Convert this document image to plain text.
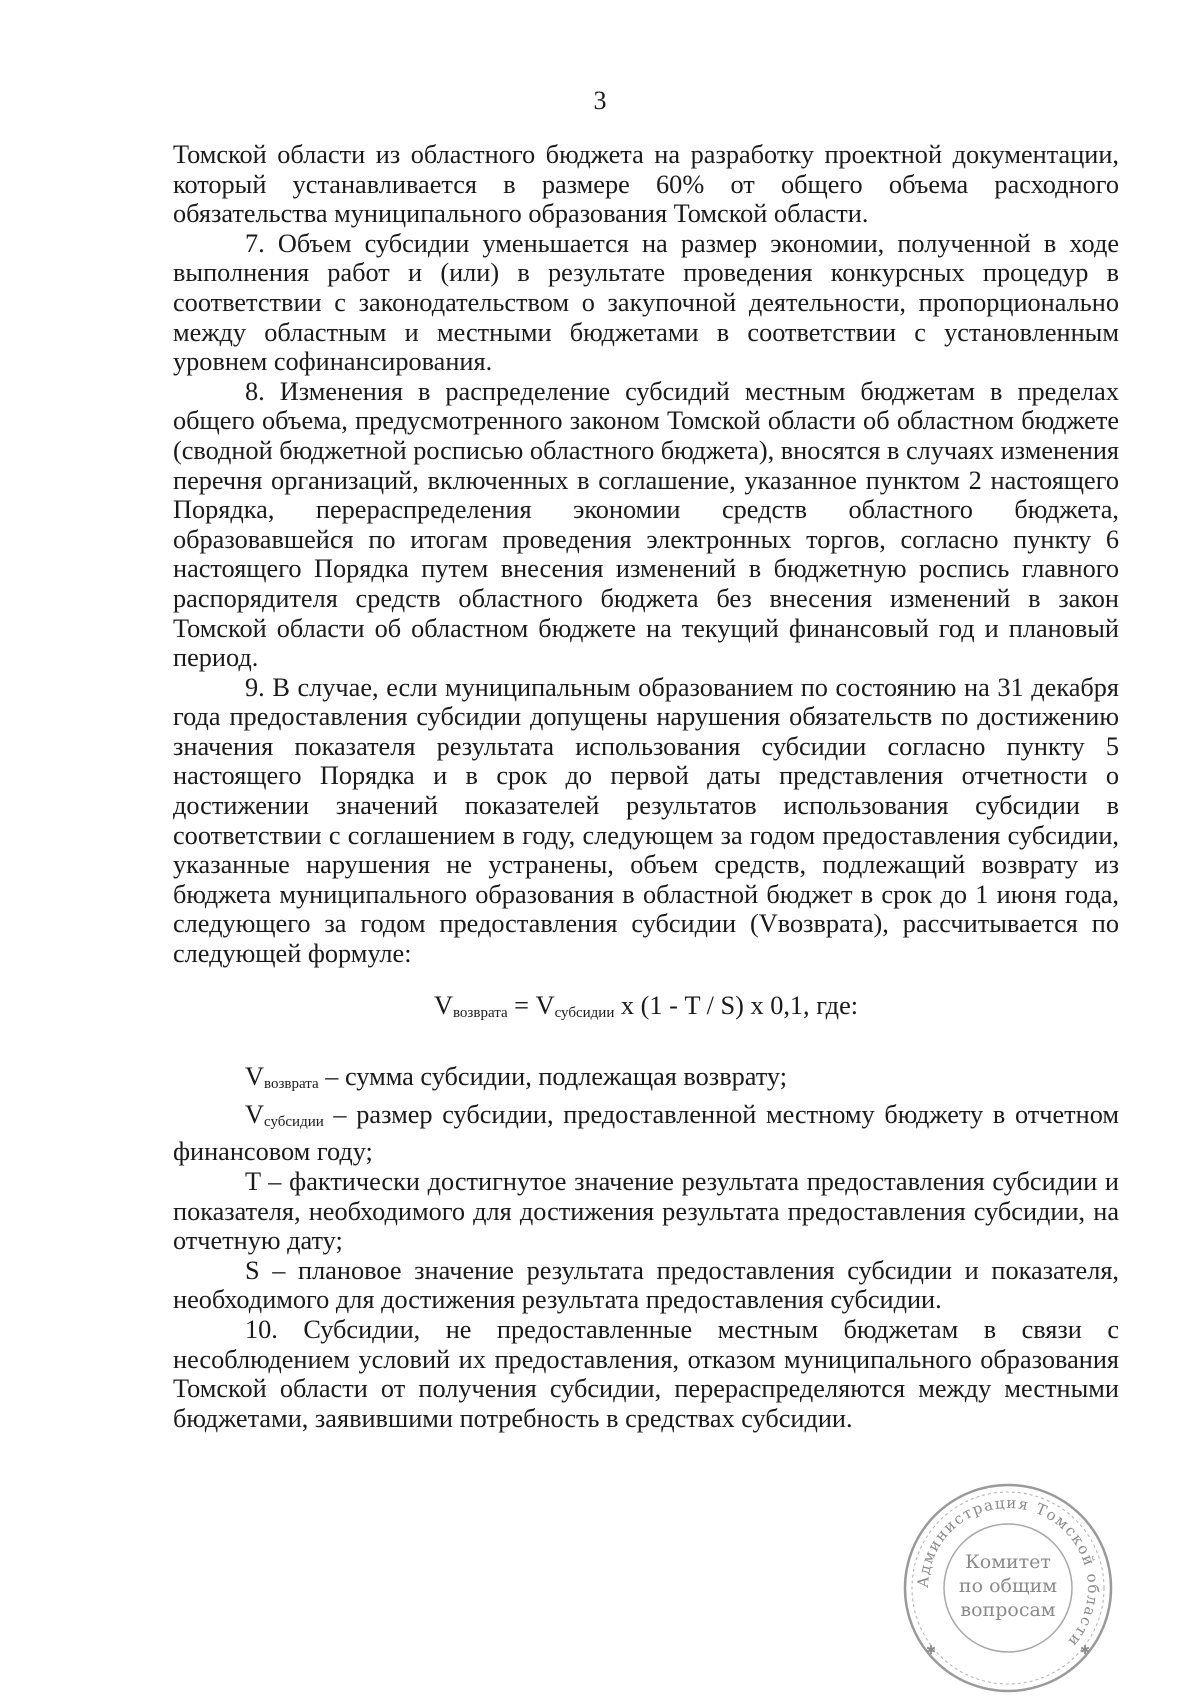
3

Томской области из областного бюджета на разработку проектной документации, который устанавливается в размере 60% от общего объема расходного обязательства муниципального образования Томской области.

7. Объем субсидии уменьшается на размер экономии, полученной в ходе выполнения работ и (или) в результате проведения конкурсных процедур в соответствии с законодательством о закупочной деятельности, пропорционально между областным и местными бюджетами в соответствии с установленным уровнем софинансирования.

8. Изменения в распределение субсидий местным бюджетам в пределах общего объема, предусмотренного законом Томской области об областном бюджете (сводной бюджетной росписью областного бюджета), вносятся в случаях изменения перечня организаций, включенных в соглашение, указанное пунктом 2 настоящего Порядка, перераспределения экономии средств областного бюджета, образовавшейся по итогам проведения электронных торгов, согласно пункту 6 настоящего Порядка путем внесения изменений в бюджетную роспись главного распорядителя средств областного бюджета без внесения изменений в закон Томской области об областном бюджете на текущий финансовый год и плановый период.

9. В случае, если муниципальным образованием по состоянию на 31 декабря года предоставления субсидии допущены нарушения обязательств по достижению значения показателя результата использования субсидии согласно пункту 5 настоящего Порядка и в срок до первой даты представления отчетности о достижении значений показателей результатов использования субсидии в соответствии с соглашением в году, следующем за годом предоставления субсидии, указанные нарушения не устранены, объем средств, подлежащий возврату из бюджета муниципального образования в областной бюджет в срок до 1 июня года, следующего за годом предоставления субсидии (Vвозврата), рассчитывается по следующей формуле:

$V_{возврата} = V_{субсидии}$ х (1 - T / S) х 0,1, где:

$V_{возврата}$ – сумма субсидии, подлежащая возврату;

$V_{субсидии}$ – размер субсидии, предоставленной местному бюджету в отчетном финансовом году;

T – фактически достигнутое значение результата предоставления субсидии и показателя, необходимого для достижения результата предоставления субсидии, на отчетную дату;

S – плановое значение результата предоставления субсидии и показателя, необходимого для достижения результата предоставления субсидии.

10. Субсидии, не предоставленные местным бюджетам в связи с несоблюдением условий их предоставления, отказом муниципального образования Томской области от получения субсидии, перераспределяются между местными бюджетами, заявившими потребность в средствах субсидии.

Администрация Томской области
Комитет
по общим
вопросам
✱	✱
